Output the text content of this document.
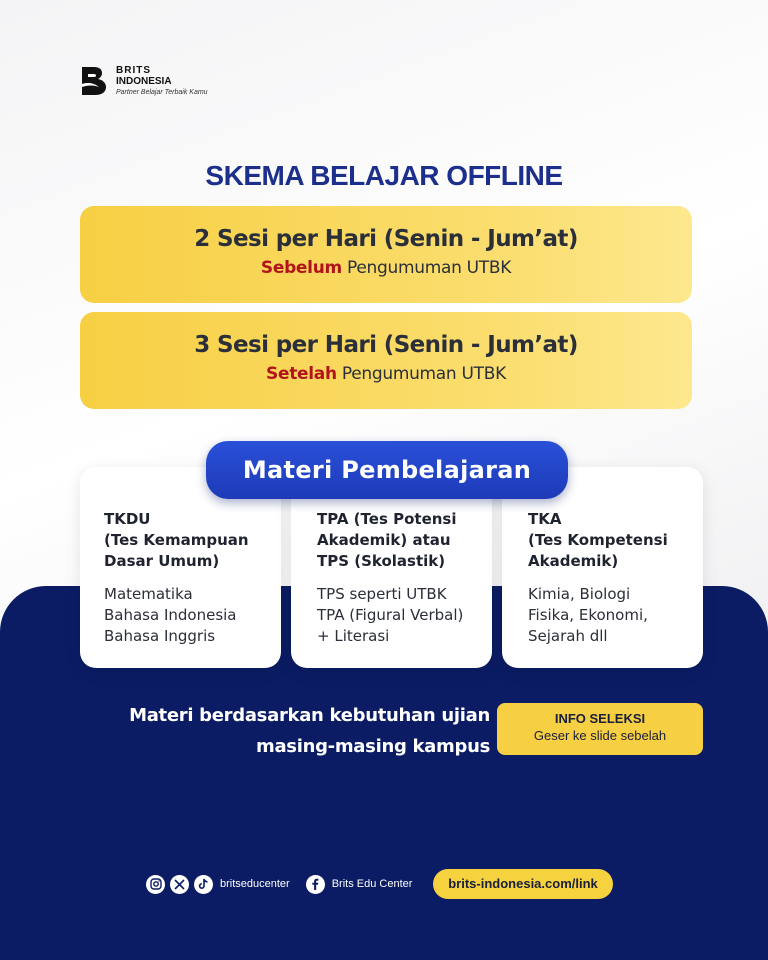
BRITS
INDONESIA
Partner Belajar Terbaik Kamu
SKEMA BELAJAR OFFLINE
2 Sesi per Hari (Senin - Jum’at)
Sebelum Pengumuman UTBK
3 Sesi per Hari (Senin - Jum’at)
Setelah Pengumuman UTBK
TKDU
(Tes Kemampuan
Dasar Umum)
Matematika
Bahasa Indonesia
Bahasa Inggris
TPA (Tes Potensi
Akademik) atau
TPS (Skolastik)
TPS seperti UTBK
TPA (Figural Verbal)
+ Literasi
TKA
(Tes Kompetensi
Akademik)
Kimia, Biologi
Fisika, Ekonomi,
Sejarah dll
Materi Pembelajaran
Materi berdasarkan kebutuhan ujian
masing-masing kampus
INFO SELEKSI
Geser ke slide sebelah
britseducenter	Brits Edu Center	brits-indonesia.com/link
